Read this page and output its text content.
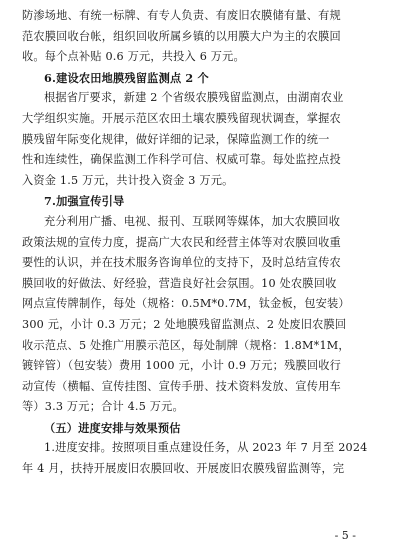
防渗场地、有统一标牌、有专人负责、有废旧农膜储有量、有规
范农膜回收台帐，组织回收所属乡镇的以用膜大户为主的农膜回
收。每个点补贴 0.6 万元，共投入 6 万元。
6.建设农田地膜残留监测点 2 个
根据省厅要求，新建 2 个省级农膜残留监测点，由湖南农业
大学组织实施。开展示范区农田土壤农膜残留现状调查，掌握农
膜残留年际变化规律，做好详细的记录，保障监测工作的统一
性和连续性，确保监测工作科学可信、权威可靠。每处监控点投
入资金 1.5 万元，共计投入资金 3 万元。
7.加强宣传引导
充分利用广播、电视、报刊、互联网等媒体，加大农膜回收
政策法规的宣传力度，提高广大农民和经营主体等对农膜回收重
要性的认识，并在技术服务咨询单位的支持下，及时总结宣传农
膜回收的好做法、好经验，营造良好社会氛围。10 处农膜回收
网点宣传牌制作，每处（规格：0.5M*0.7M，钛金板，包安装）
300 元，小计 0.3 万元；2 处地膜残留监测点、2 处废旧农膜回
收示范点、5 处推广用膜示范区，每处制牌（规格：1.8M*1M，
镀锌管）（包安装）费用 1000 元，小计 0.9 万元；残膜回收行
动宣传（横幅、宣传挂图、宣传手册、技术资料发放、宣传用车
等）3.3 万元；合计 4.5 万元。
（五）进度安排与效果预估
1.进度安排。按照项目重点建设任务，从 2023 年 7 月至 2024
年 4 月，扶持开展废旧农膜回收、开展废旧农膜残留监测等，完
- 5 -
